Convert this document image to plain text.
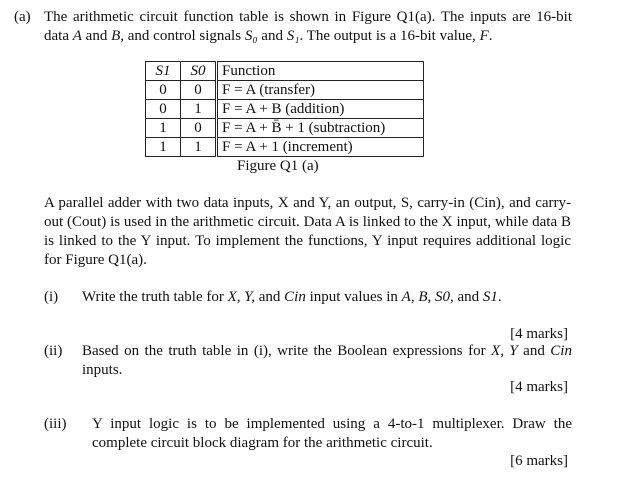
(a) The arithmetic circuit function table is shown in Figure Q1(a). The inputs are 16-bit data A and B, and control signals S₀ and S₁. The output is a 16-bit value, F.
S1	S0	Function
0	0	F = A (transfer)
0	1	F = A + B (addition)
1	0	F = A + B̄ + 1 (subtraction)
1	1	F = A + 1 (increment)
Figure Q1 (a)
A parallel adder with two data inputs, X and Y, an output, S, carry-in (Cin), and carry-out (Cout) is used in the arithmetic circuit. Data A is linked to the X input, while data B is linked to the Y input. To implement the functions, Y input requires additional logic for Figure Q1(a).
(i) Write the truth table for X, Y, and Cin input values in A, B, S0, and S1.
[4 marks]
(ii) Based on the truth table in (i), write the Boolean expressions for X, Y and Cin inputs.
[4 marks]
(iii) Y input logic is to be implemented using a 4-to-1 multiplexer. Draw the complete circuit block diagram for the arithmetic circuit.
[6 marks]
